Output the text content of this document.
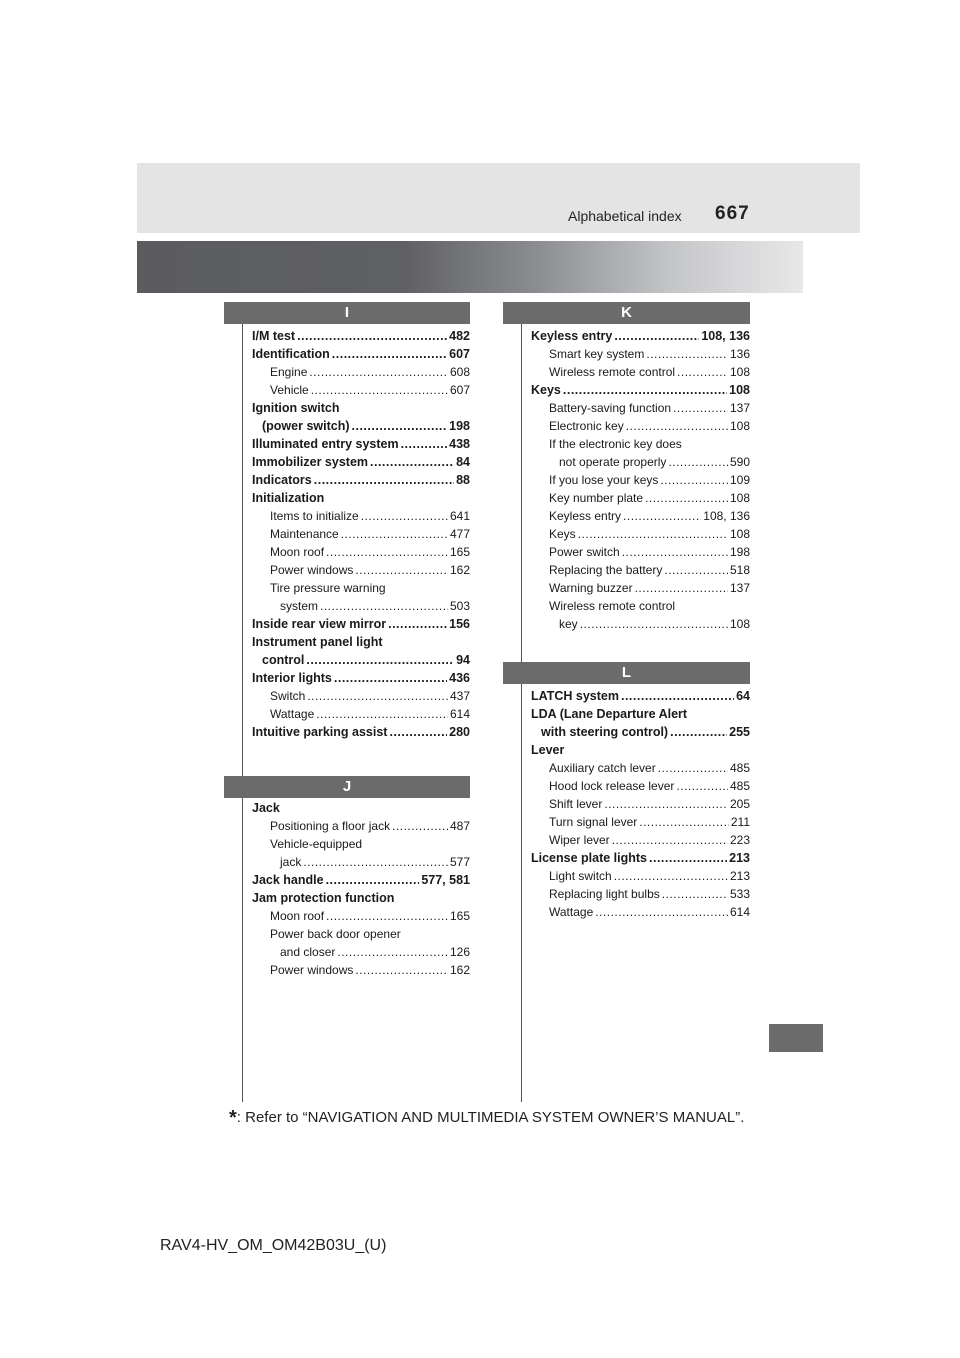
Alphabetical index 667
I
I/M test .....	482
Identification .....	607
Engine .....	608
Vehicle .....	607
Ignition switch
(power switch) .....	198
Illuminated entry system .....	438
Immobilizer system .....	84
Indicators .....	88
Initialization
Items to initialize .....	641
Maintenance .....	477
Moon roof .....	165
Power windows .....	162
Tire pressure warning
system .....	503
Inside rear view mirror .....	156
Instrument panel light
control .....	94
Interior lights .....	436
Switch .....	437
Wattage .....	614
Intuitive parking assist .....	280
J
Jack
Positioning a floor jack .....	487
Vehicle-equipped
jack .....	577
Jack handle .....	577, 581
Jam protection function
Moon roof .....	165
Power back door opener
and closer .....	126
Power windows .....	162
K
Keyless entry .....	108, 136
Smart key system .....	136
Wireless remote control .....	108
Keys .....	108
Battery-saving function .....	137
Electronic key .....	108
If the electronic key does
not operate properly .....	590
If you lose your keys .....	109
Key number plate .....	108
Keyless entry .....	108, 136
Keys .....	108
Power switch .....	198
Replacing the battery .....	518
Warning buzzer .....	137
Wireless remote control
key .....	108
L
LATCH system .....	64
LDA (Lane Departure Alert
with steering control) .....	255
Lever
Auxiliary catch lever .....	485
Hood lock release lever .....	485
Shift lever .....	205
Turn signal lever .....	211
Wiper lever .....	223
License plate lights .....	213
Light switch .....	213
Replacing light bulbs .....	533
Wattage .....	614
*: Refer to “NAVIGATION AND MULTIMEDIA SYSTEM OWNER’S MANUAL”.
RAV4-HV_OM_OM42B03U_(U)
